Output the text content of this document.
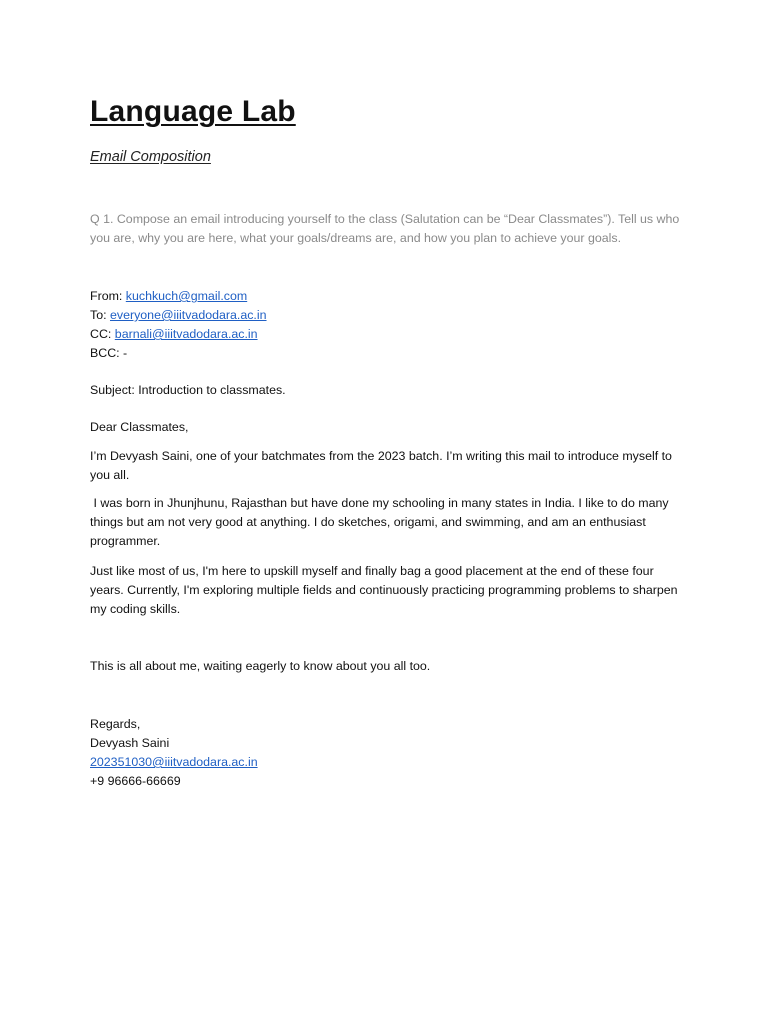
Language Lab
Email Composition
Q 1. Compose an email introducing yourself to the class (Salutation can be “Dear Classmates”). Tell us who you are, why you are here, what your goals/dreams are, and how you plan to achieve your goals.
From: kuchkuch@gmail.com
To: everyone@iiitvadodara.ac.in
CC: barnali@iiitvadodara.ac.in
BCC: -
Subject: Introduction to classmates.
Dear Classmates,
I’m Devyash Saini, one of your batchmates from the 2023 batch. I’m writing this mail to introduce myself to you all.
I was born in Jhunjhunu, Rajasthan but have done my schooling in many states in India. I like to do many things but am not very good at anything. I do sketches, origami, and swimming, and am an enthusiast programmer.
Just like most of us, I'm here to upskill myself and finally bag a good placement at the end of these four years. Currently, I'm exploring multiple fields and continuously practicing programming problems to sharpen my coding skills.
This is all about me, waiting eagerly to know about you all too.
Regards,
Devyash Saini
202351030@iiitvadodara.ac.in
+9 96666-66669
